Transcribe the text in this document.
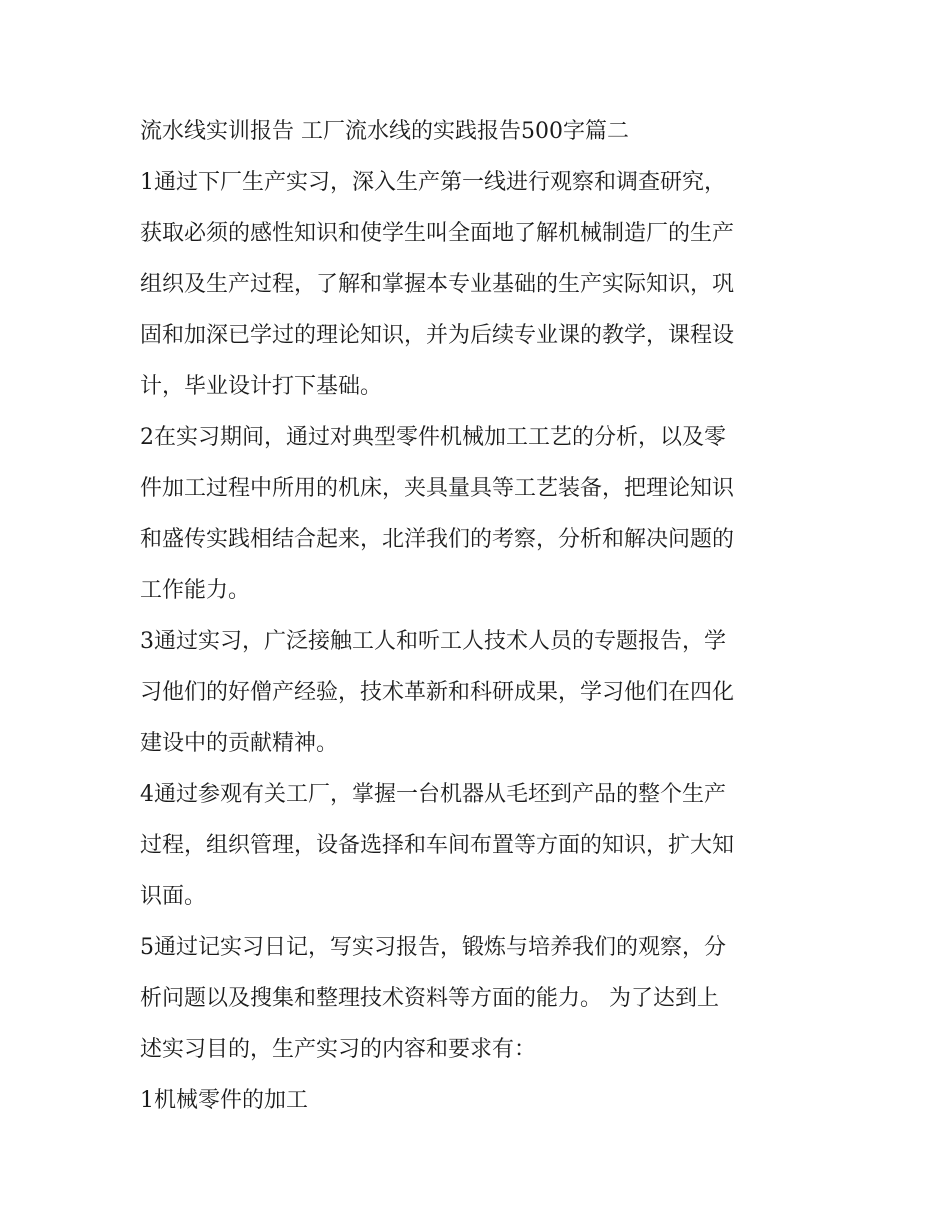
流水线实训报告 工厂流水线的实践报告500字篇二
1通过下厂生产实习，深入生产第一线进行观察和调查研究，
获取必须的感性知识和使学生叫全面地了解机械制造厂的生产
组织及生产过程，了解和掌握本专业基础的生产实际知识，巩
固和加深已学过的理论知识，并为后续专业课的教学，课程设
计，毕业设计打下基础。
2在实习期间，通过对典型零件机械加工工艺的分析，以及零
件加工过程中所用的机床，夹具量具等工艺装备，把理论知识
和盛传实践相结合起来，北洋我们的考察，分析和解决问题的
工作能力。
3通过实习，广泛接触工人和听工人技术人员的专题报告，学
习他们的好僧产经验，技术革新和科研成果，学习他们在四化
建设中的贡献精神。
4通过参观有关工厂，掌握一台机器从毛坯到产品的整个生产
过程，组织管理，设备选择和车间布置等方面的知识，扩大知
识面。
5通过记实习日记，写实习报告，锻炼与培养我们的观察，分
析问题以及搜集和整理技术资料等方面的能力。 为了达到上
述实习目的，生产实习的内容和要求有：
1机械零件的加工
